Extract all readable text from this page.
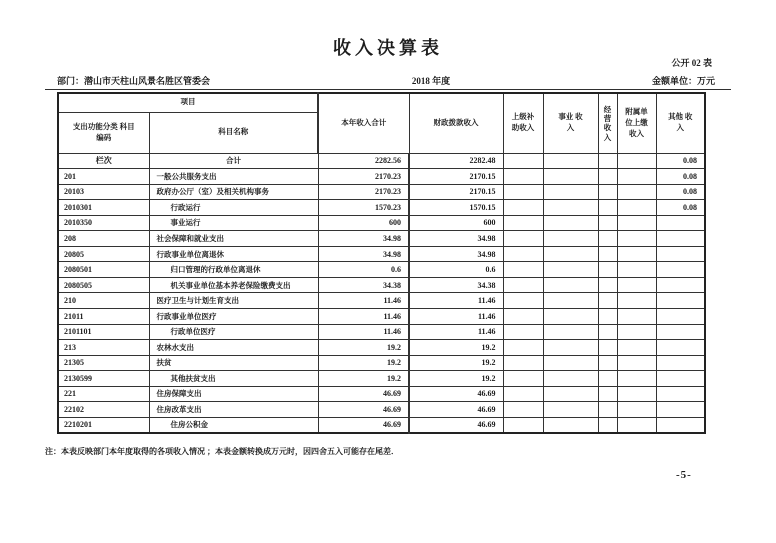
收入决算表
公开 02 表
部门：潜山市天柱山风景名胜区管委会	2018 年度	金额单位：万元
项目		本年收入合计	财政拨款收入	上级补助收入	事业 收入	经营收入	附属单位上缴收入	其他 收入
支出功能分类 科目编码	科目名称							
栏次	合计	2282.56	2282.48					0.08
201	一般公共服务支出	2170.23	2170.15					0.08
20103	政府办公厅（室）及相关机构事务	2170.23	2170.15					0.08
2010301	行政运行	1570.23	1570.15					0.08
2010350	事业运行	600	600					
208	社会保障和就业支出	34.98	34.98					
20805	行政事业单位离退休	34.98	34.98					
2080501	归口管理的行政单位离退休	0.6	0.6					
2080505	机关事业单位基本养老保险缴费支出	34.38	34.38					
210	医疗卫生与计划生育支出	11.46	11.46					
21011	行政事业单位医疗	11.46	11.46					
2101101	行政单位医疗	11.46	11.46					
213	农林水支出	19.2	19.2					
21305	扶贫	19.2	19.2					
2130599	其他扶贫支出	19.2	19.2					
221	住房保障支出	46.69	46.69					
22102	住房改革支出	46.69	46.69					
2210201	住房公积金	46.69	46.69					
注：本表反映部门本年度取得的各项收入情况 ；本表金额转换成万元时，因四舍五入可能存在尾差．
-5-
